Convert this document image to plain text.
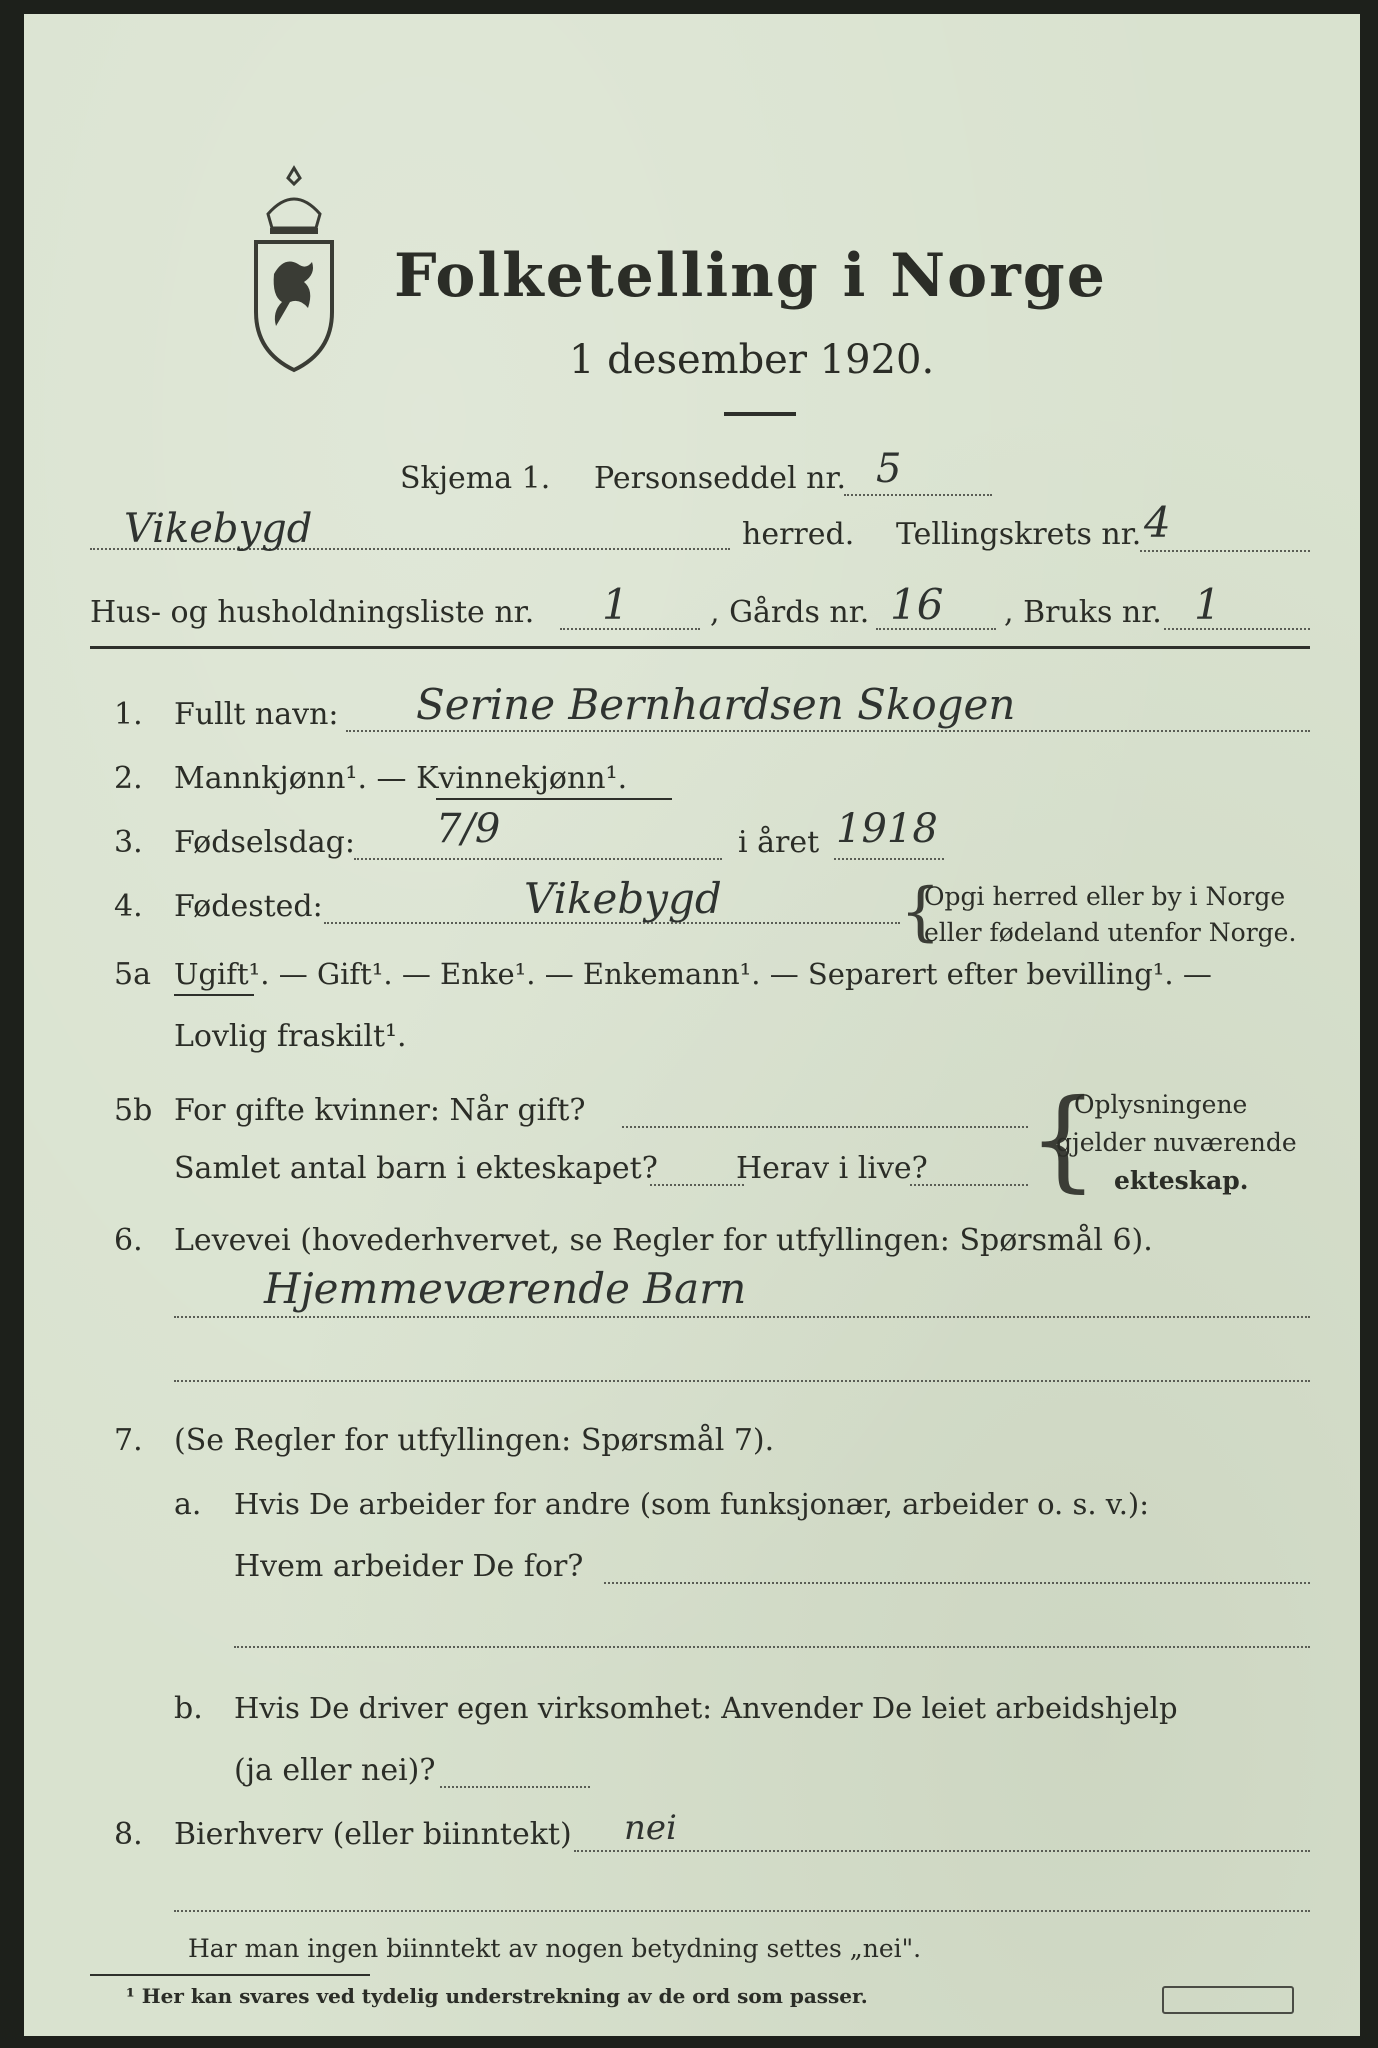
Folketelling i Norge
1 desember 1920.
Skjema 1. Personseddel nr. 5
Vikebygd	herred. Tellingskrets nr. 4
Hus- og husholdningsliste nr. 1	, Gårds nr. 16 , Bruks nr. 1
1. Fullt navn: Serine Bernhardsen Skogen
2. Mannkjønn¹. — Kvinnekjønn¹.
3. Fødselsdag: 7/9	i året 1918
4. Fødested:	Vikebygd	{
Opgi herred eller by i Norge
eller fødeland utenfor Norge.
5a Ugift¹. — Gift¹. — Enke¹. — Enkemann¹. — Separert efter bevilling¹. —
Lovlig fraskilt¹.
5b For gifte kvinner: Når gift?
Samlet antal barn i ekteskapet?	Herav i live? {
Oplysningene
gjelder nuværende
ekteskap.
6. Levevei (hovederhvervet, se Regler for utfyllingen: Spørsmål 6).
Hjemmeværende Barn
7. (Se Regler for utfyllingen: Spørsmål 7).
a. Hvis De arbeider for andre (som funksjonær, arbeider o. s. v.):
Hvem arbeider De for?
b. Hvis De driver egen virksomhet: Anvender De leiet arbeidshjelp
(ja eller nei)?
8. Bierhverv (eller biinntekt) nei
Har man ingen biinntekt av nogen betydning settes „nei".
¹ Her kan svares ved tydelig understrekning av de ord som passer.
